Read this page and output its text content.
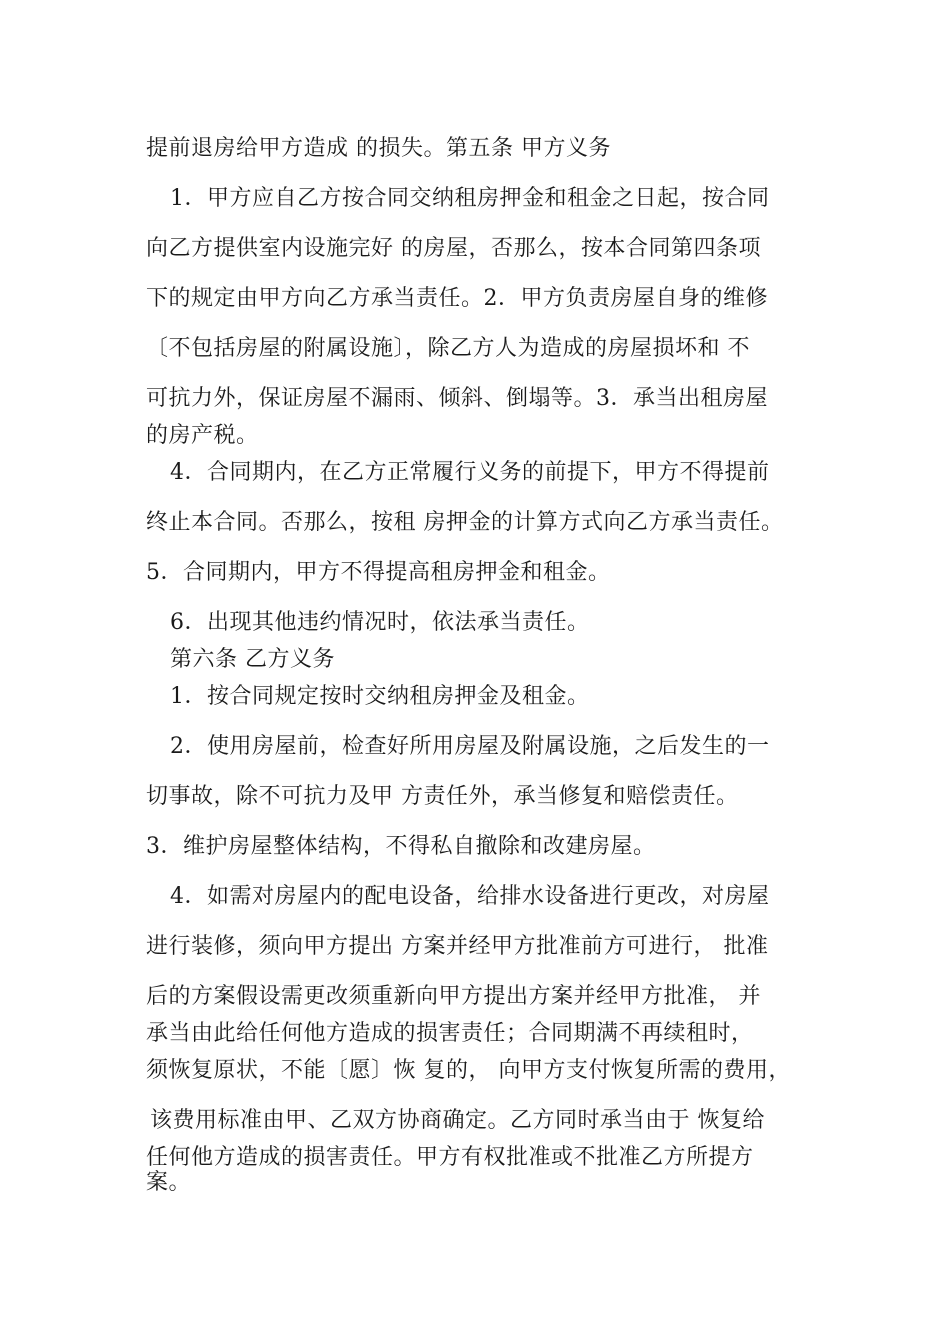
提前退房给甲方造成 的损失。第五条 甲方义务
1．甲方应自乙方按合同交纳租房押金和租金之日起，按合同
向乙方提供室内设施完好 的房屋，否那么，按本合同第四条项
下的规定由甲方向乙方承当责任。2．甲方负责房屋自身的维修
〔不包括房屋的附属设施〕，除乙方人为造成的房屋损坏和 不
可抗力外，保证房屋不漏雨、倾斜、倒塌等。3．承当出租房屋
的房产税。
4．合同期内，在乙方正常履行义务的前提下，甲方不得提前
终止本合同。否那么，按租 房押金的计算方式向乙方承当责任。
5．合同期内，甲方不得提高租房押金和租金。
6．出现其他违约情况时，依法承当责任。
第六条 乙方义务
1．按合同规定按时交纳租房押金及租金。
2．使用房屋前，检查好所用房屋及附属设施，之后发生的一
切事故，除不可抗力及甲 方责任外，承当修复和赔偿责任。
3．维护房屋整体结构，不得私自撤除和改建房屋。
4．如需对房屋内的配电设备，给排水设备进行更改，对房屋
进行装修，须向甲方提出 方案并经甲方批准前方可进行， 批准
后的方案假设需更改须重新向甲方提出方案并经甲方批准， 并
承当由此给任何他方造成的损害责任；合同期满不再续租时，
须恢复原状，不能〔愿〕恢 复的， 向甲方支付恢复所需的费用，
该费用标准由甲、乙双方协商确定。乙方同时承当由于 恢复给
任何他方造成的损害责任。甲方有权批准或不批准乙方所提方
案。
